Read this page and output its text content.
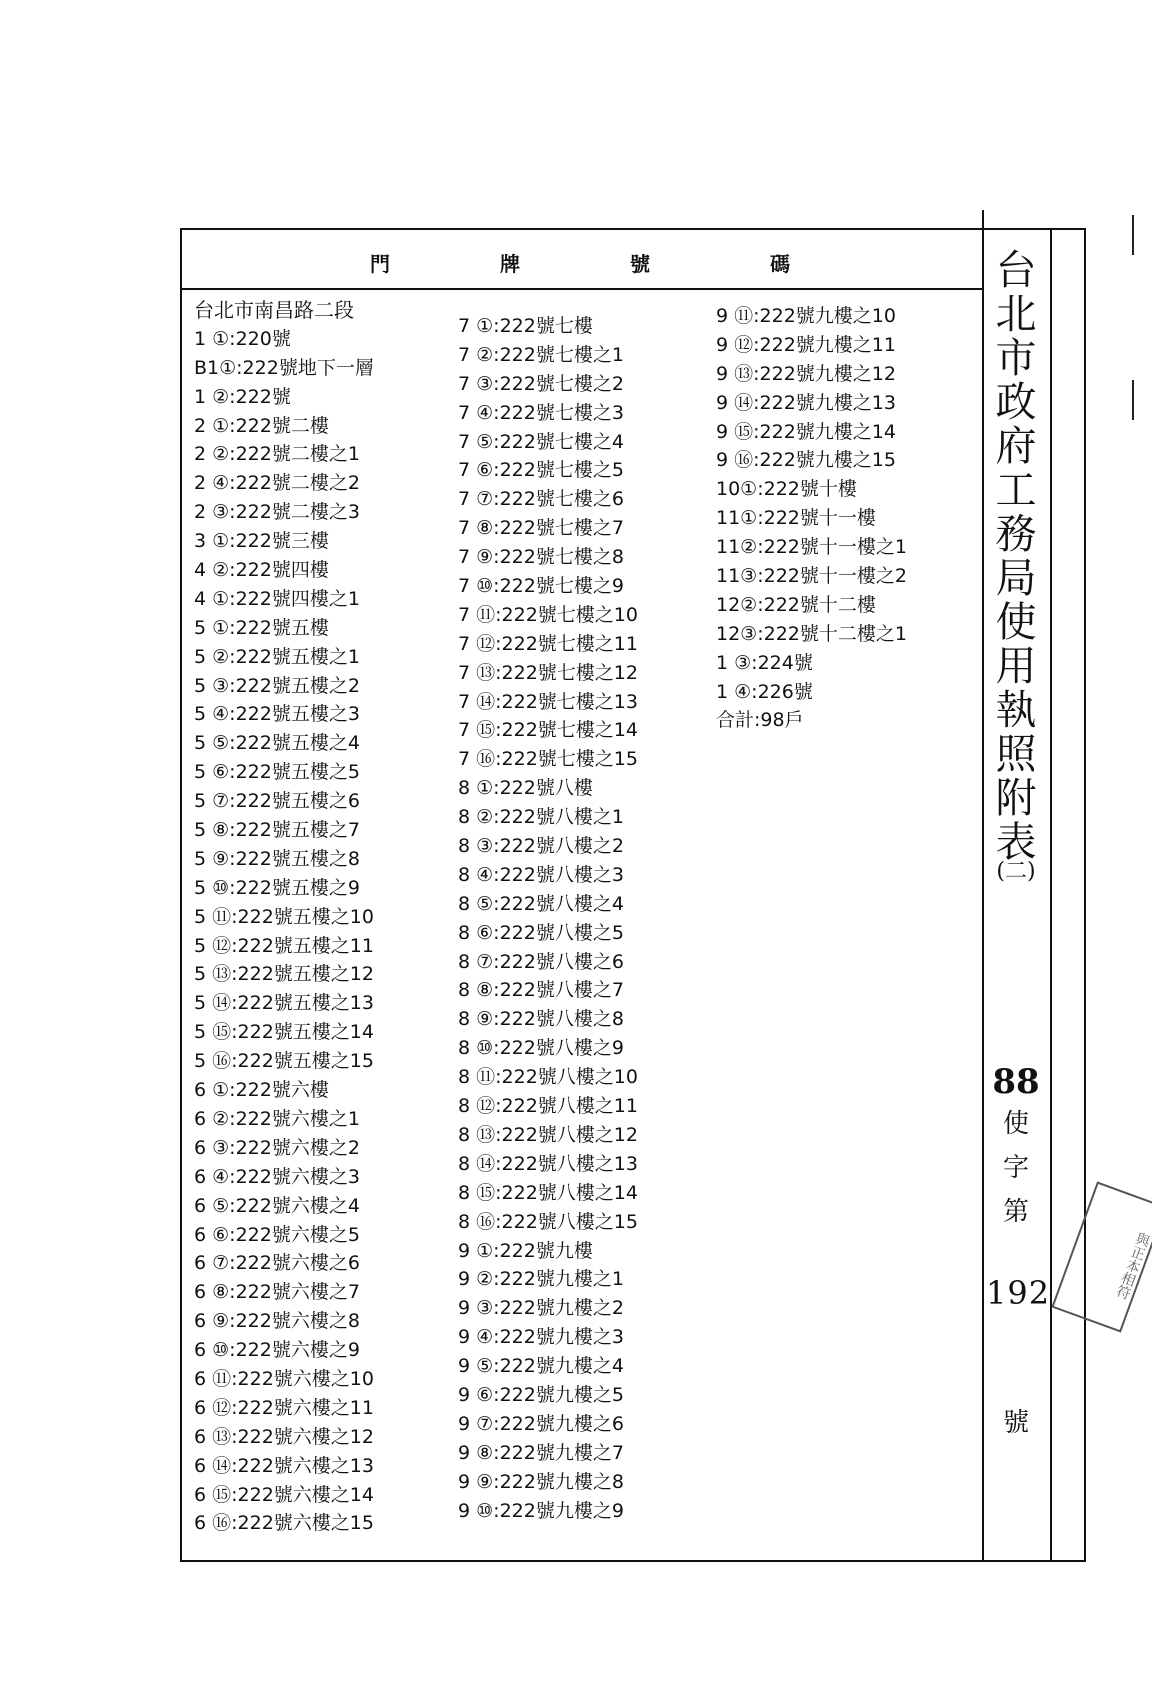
門	牌	號	碼	台
北
市
政
府
工
務
局
使
用
執
照
附
表
(二)
88
使
字
第
192
號
台北市南昌路二段
1 ①:220號
B1①:222號地下一層
1 ②:222號
2 ①:222號二樓
2 ②:222號二樓之1
2 ④:222號二樓之2
2 ③:222號二樓之3
3 ①:222號三樓
4 ②:222號四樓
4 ①:222號四樓之1
5 ①:222號五樓
5 ②:222號五樓之1
5 ③:222號五樓之2
5 ④:222號五樓之3
5 ⑤:222號五樓之4
5 ⑥:222號五樓之5
5 ⑦:222號五樓之6
5 ⑧:222號五樓之7
5 ⑨:222號五樓之8
5 ⑩:222號五樓之9
5 ⑪:222號五樓之10
5 ⑫:222號五樓之11
5 ⑬:222號五樓之12
5 ⑭:222號五樓之13
5 ⑮:222號五樓之14
5 ⑯:222號五樓之15
6 ①:222號六樓
6 ②:222號六樓之1
6 ③:222號六樓之2
6 ④:222號六樓之3
6 ⑤:222號六樓之4
6 ⑥:222號六樓之5
6 ⑦:222號六樓之6
6 ⑧:222號六樓之7
6 ⑨:222號六樓之8
6 ⑩:222號六樓之9
6 ⑪:222號六樓之10
6 ⑫:222號六樓之11
6 ⑬:222號六樓之12
6 ⑭:222號六樓之13
6 ⑮:222號六樓之14
6 ⑯:222號六樓之15
7 ①:222號七樓
7 ②:222號七樓之1
7 ③:222號七樓之2
7 ④:222號七樓之3
7 ⑤:222號七樓之4
7 ⑥:222號七樓之5
7 ⑦:222號七樓之6
7 ⑧:222號七樓之7
7 ⑨:222號七樓之8
7 ⑩:222號七樓之9
7 ⑪:222號七樓之10
7 ⑫:222號七樓之11
7 ⑬:222號七樓之12
7 ⑭:222號七樓之13
7 ⑮:222號七樓之14
7 ⑯:222號七樓之15
8 ①:222號八樓
8 ②:222號八樓之1
8 ③:222號八樓之2
8 ④:222號八樓之3
8 ⑤:222號八樓之4
8 ⑥:222號八樓之5
8 ⑦:222號八樓之6
8 ⑧:222號八樓之7
8 ⑨:222號八樓之8
8 ⑩:222號八樓之9
8 ⑪:222號八樓之10
8 ⑫:222號八樓之11
8 ⑬:222號八樓之12
8 ⑭:222號八樓之13
8 ⑮:222號八樓之14
8 ⑯:222號八樓之15
9 ①:222號九樓
9 ②:222號九樓之1
9 ③:222號九樓之2
9 ④:222號九樓之3
9 ⑤:222號九樓之4
9 ⑥:222號九樓之5
9 ⑦:222號九樓之6
9 ⑧:222號九樓之7
9 ⑨:222號九樓之8
9 ⑩:222號九樓之9
9 ⑪:222號九樓之10
9 ⑫:222號九樓之11
9 ⑬:222號九樓之12
9 ⑭:222號九樓之13
9 ⑮:222號九樓之14
9 ⑯:222號九樓之15
10①:222號十樓
11①:222號十一樓
11②:222號十一樓之1
11③:222號十一樓之2
12②:222號十二樓
12③:222號十二樓之1
1 ③:224號
1 ④:226號
合計:98戶
與正本相符
